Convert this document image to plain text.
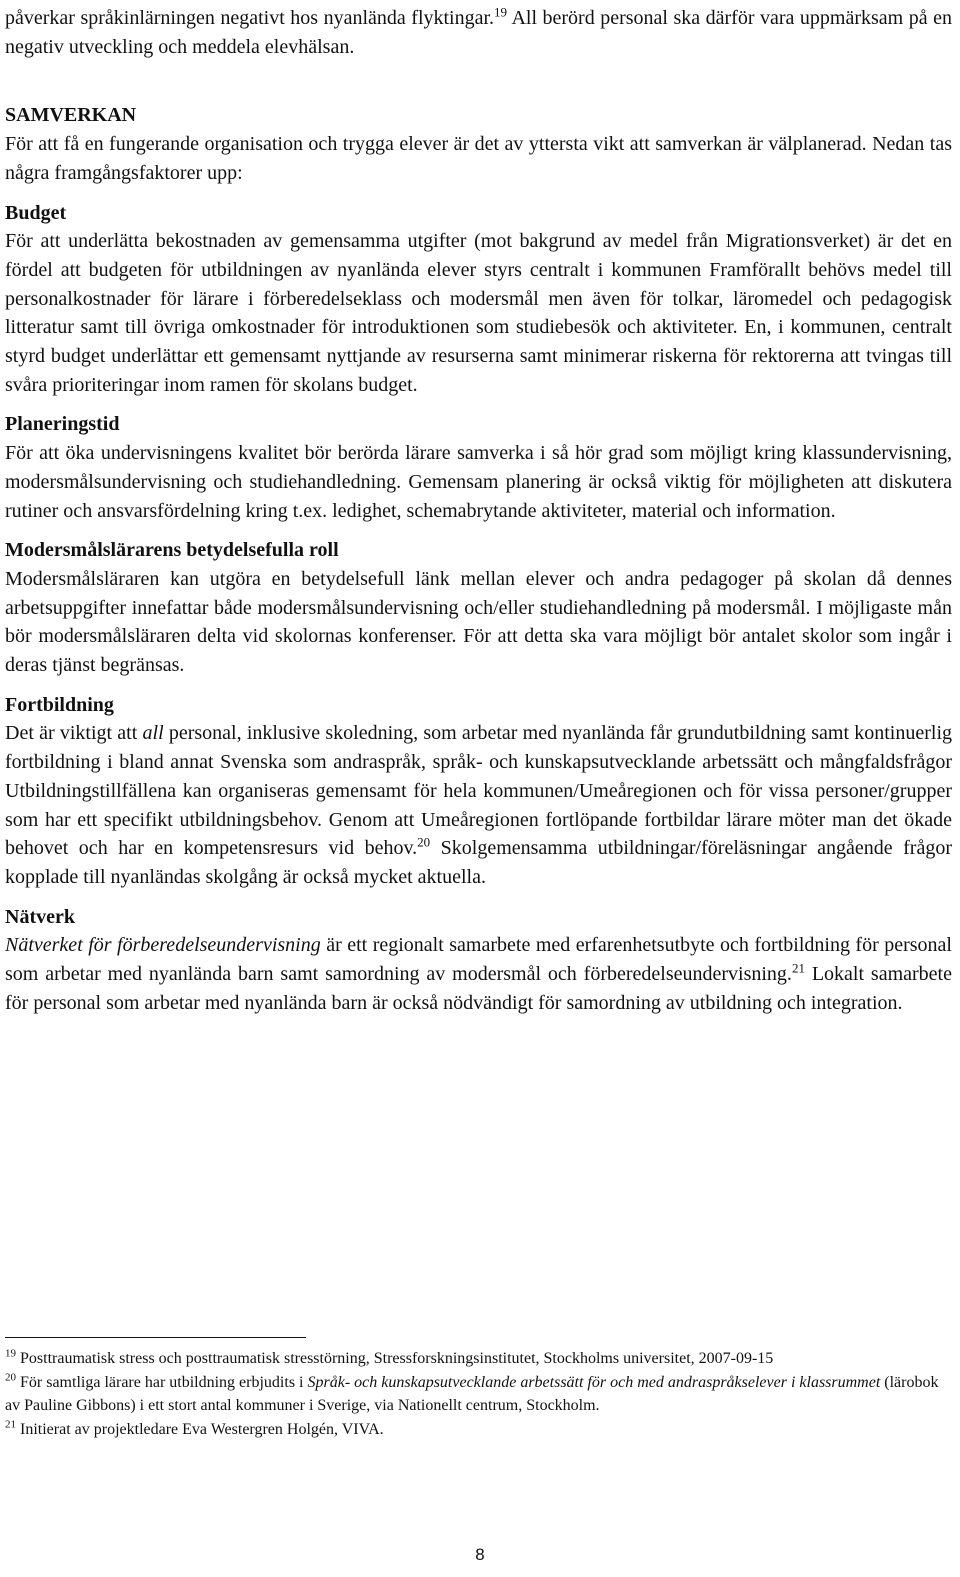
påverkar språkinlärningen negativt hos nyanlända flyktingar.$^{19}$ All berörd personal ska därför vara uppmärksam på en negativ utveckling och meddela elevhälsan.

SAMVERKAN

För att få en fungerande organisation och trygga elever är det av yttersta vikt att samverkan är välplanerad. Nedan tas några framgångsfaktorer upp:

Budget

För att underlätta bekostnaden av gemensamma utgifter (mot bakgrund av medel från Migrationsverket) är det en fördel att budgeten för utbildningen av nyanlända elever styrs centralt i kommunen Framförallt behövs medel till personalkostnader för lärare i förberedelseklass och modersmål men även för tolkar, läromedel och pedagogisk litteratur samt till övriga omkostnader för introduktionen som studiebesök och aktiviteter. En, i kommunen, centralt styrd budget underlättar ett gemensamt nyttjande av resurserna samt minimerar riskerna för rektorerna att tvingas till svåra prioriteringar inom ramen för skolans budget.

Planeringstid

För att öka undervisningens kvalitet bör berörda lärare samverka i så hör grad som möjligt kring klassundervisning, modersmålsundervisning och studiehandledning. Gemensam planering är också viktig för möjligheten att diskutera rutiner och ansvarsfördelning kring t.ex. ledighet, schemabrytande aktiviteter, material och information.

Modersmålslärarens betydelsefulla roll

Modersmålsläraren kan utgöra en betydelsefull länk mellan elever och andra pedagoger på skolan då dennes arbetsuppgifter innefattar både modersmålsundervisning och/eller studiehandledning på modersmål. I möjligaste mån bör modersmålsläraren delta vid skolornas konferenser. För att detta ska vara möjligt bör antalet skolor som ingår i deras tjänst begränsas.

Fortbildning

Det är viktigt att all personal, inklusive skoledning, som arbetar med nyanlända får grundutbildning samt kontinuerlig fortbildning i bland annat Svenska som andraspråk, språk- och kunskapsutvecklande arbetssätt och mångfaldsfrågor Utbildningstillfällena kan organiseras gemensamt för hela kommunen/Umeåregionen och för vissa personer/grupper som har ett specifikt utbildningsbehov. Genom att Umeåregionen fortlöpande fortbildar lärare möter man det ökade behovet och har en kompetensresurs vid behov.$^{20}$ Skolgemensamma utbildningar/föreläsningar angående frågor kopplade till nyanländas skolgång är också mycket aktuella.

Nätverk

Nätverket för förberedelseundervisning är ett regionalt samarbete med erfarenhetsutbyte och fortbildning för personal som arbetar med nyanlända barn samt samordning av modersmål och förberedelseundervisning.$^{21}$ Lokalt samarbete för personal som arbetar med nyanlända barn är också nödvändigt för samordning av utbildning och integration.

$^{19}$ Posttraumatisk stress och posttraumatisk stresstörning, Stressforskningsinstitutet, Stockholms universitet, 2007-09-15

$^{20}$ För samtliga lärare har utbildning erbjudits i Språk- och kunskapsutvecklande arbetssätt för och med andraspråkselever i klassrummet (lärobok av Pauline Gibbons) i ett stort antal kommuner i Sverige, via Nationellt centrum, Stockholm.

$^{21}$ Initierat av projektledare Eva Westergren Holgén, VIVA.

8
